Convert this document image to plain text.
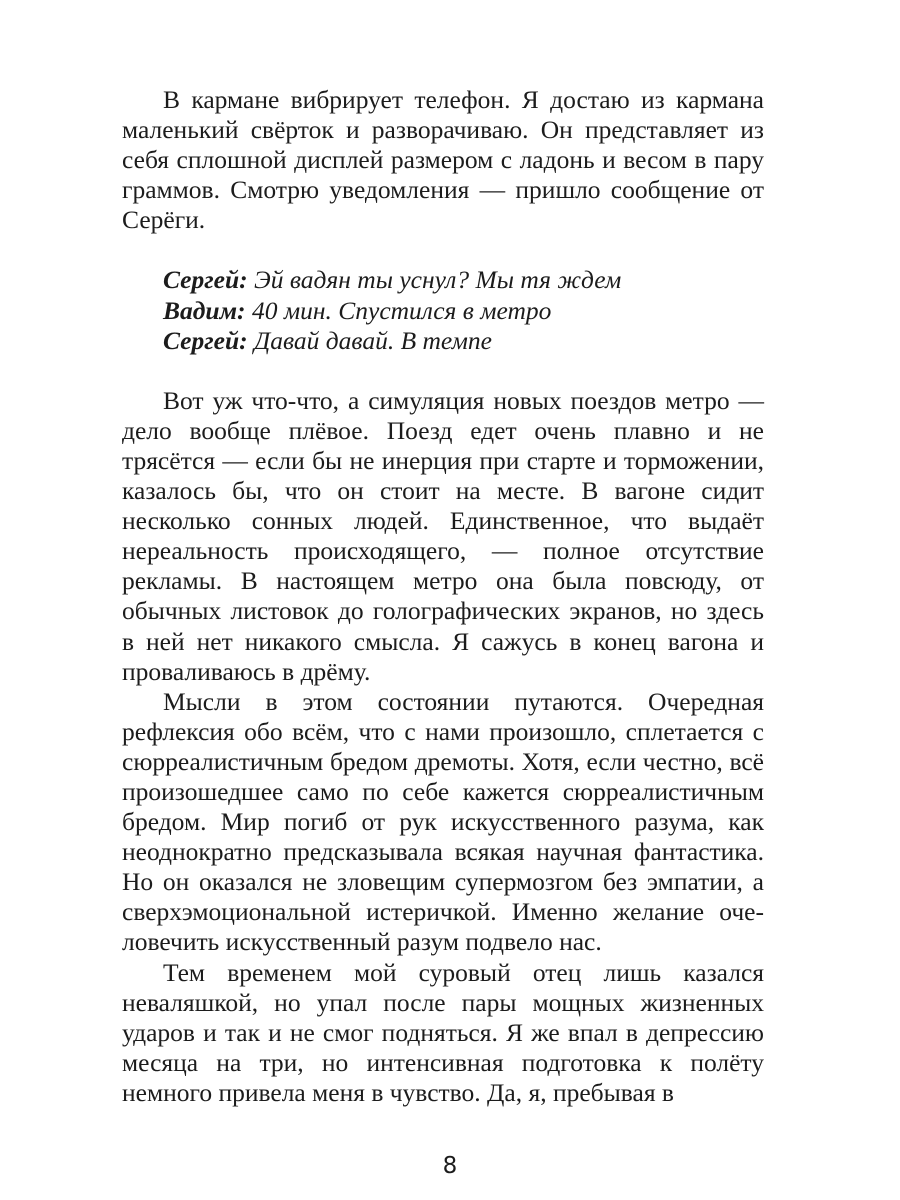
В кармане вибрирует телефон. Я достаю из кармана маленький свёрток и разворачиваю. Он представляет из себя сплошной дисплей размером с ладонь и весом в пару граммов. Смотрю уведомления — пришло сообщение от Серёги.

Сергей: Эй вадян ты уснул? Мы тя ждем
Вадим: 40 мин. Спустился в метро
Сергей: Давай давай. В темпе

Вот уж что-что, а симуляция новых поездов метро — дело вообще плёвое. Поезд едет очень плавно и не трясётся — если бы не инерция при старте и торможении, казалось бы, что он стоит на месте. В вагоне сидит несколько сонных людей. Единственное, что выдаёт нереальность происходящего, — полное отсутствие рекламы. В настоящем метро она была повсюду, от обычных листовок до голографических экранов, но здесь в ней нет никакого смысла. Я сажусь в конец вагона и проваливаюсь в дрёму.

Мысли в этом состоянии путаются. Очередная рефлексия обо всём, что с нами произошло, сплетается с сюрреалистичным бредом дремоты. Хотя, если честно, всё произошедшее само по себе кажется сюрреалистичным бредом. Мир погиб от рук искусственного разума, как неоднократно предсказывала всякая научная фантастика. Но он оказался не зловещим супермозгом без эмпатии, а сверхэмоциональной истеричкой. Именно желание оче-ловечить искусственный разум подвело нас.

Тем временем мой суровый отец лишь казался неваляшкой, но упал после пары мощных жизненных ударов и так и не смог подняться. Я же впал в депрессию месяца на три, но интенсивная подготовка к полёту немного привела меня в чувство. Да, я, пребывая в

8
